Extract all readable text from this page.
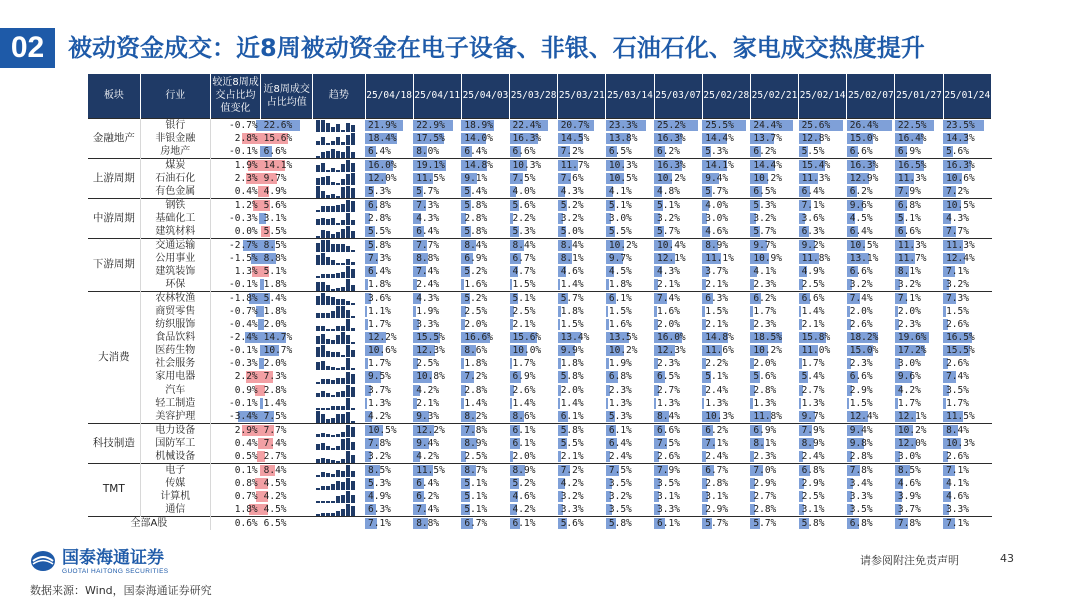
02 被动资金成交：近8周被动资金在电子设备、非银、石油石化、家电成交热度提升
板块	行业	较近8周成交占比均值变化	近8周成交占比均值	趋势	25/04/18	25/04/11	25/04/03	25/03/28	25/03/21	25/03/14	25/03/07	25/02/28	25/02/21	25/02/14	25/02/07	25/01/27	25/01/24
金融地产	银行	-0.7%	22.6%		21.9%	22.9%	18.9%	22.4%	20.7%	23.3%	25.2%	25.5%	24.4%	25.6%	26.4%	22.5%	23.5%

	非银金融	2.8%	15.6%		18.4%	17.5%	14.0%	16.3%	14.5%	13.8%	16.3%	14.4%	13.7%	12.8%	15.0%	16.4%	14.3%

	房地产	-0.1%	6.6%		6.4%	8.0%	6.4%	6.6%	7.2%	6.5%	6.2%	5.3%	6.2%	5.5%	6.6%	6.9%	5.6%

上游周期	煤炭	1.9%	14.1%		16.0%	19.1%	14.8%	10.3%	11.7%	10.3%	16.3%	14.1%	14.4%	15.4%	16.3%	16.5%	16.3%

	石油石化	2.3%	9.7%		12.0%	11.5%	9.1%	7.5%	7.6%	10.5%	10.2%	9.4%	10.2%	11.3%	12.9%	11.3%	10.6%

	有色金属	0.4%	4.9%		5.3%	5.7%	5.4%	4.0%	4.3%	4.1%	4.8%	5.7%	6.5%	6.4%	6.2%	7.9%	7.2%

中游周期	钢铁	1.2%	5.6%		6.8%	7.3%	5.8%	5.6%	5.2%	5.1%	5.1%	4.0%	5.3%	7.1%	9.6%	6.8%	10.5%

	基础化工	-0.3%	3.1%		2.8%	4.3%	2.8%	2.2%	3.2%	3.0%	3.2%	3.0%	3.2%	3.6%	4.5%	5.1%	4.3%

	建筑材料	0.0%	5.5%		5.5%	6.4%	5.8%	5.3%	5.0%	5.5%	5.7%	4.6%	5.7%	6.3%	6.4%	6.6%	7.7%

下游周期	交通运输	-2.7%	8.5%		5.8%	7.7%	8.4%	8.4%	8.4%	10.2%	10.4%	8.9%	9.7%	9.2%	10.5%	11.3%	11.3%

	公用事业	-1.5%	8.8%		7.3%	8.8%	6.9%	6.7%	8.1%	9.7%	12.1%	11.1%	10.9%	11.8%	13.1%	11.7%	12.4%

	建筑装饰	1.3%	5.1%		6.4%	7.4%	5.2%	4.7%	4.6%	4.5%	4.3%	3.7%	4.1%	4.9%	6.6%	8.1%	7.1%

	环保	-0.1%	1.8%		1.8%	2.4%	1.6%	1.5%	1.4%	1.8%	2.1%	2.1%	2.3%	2.5%	3.2%	3.2%	3.2%

大消费	农林牧渔	-1.8%	5.4%		3.6%	4.3%	5.2%	5.1%	5.7%	6.1%	7.4%	6.3%	6.2%	6.6%	7.4%	7.1%	7.3%

	商贸零售	-0.7%	1.8%		1.1%	1.9%	2.5%	2.5%	1.8%	1.5%	1.6%	1.5%	1.7%	1.4%	2.0%	2.0%	1.5%

	纺织服饰	-0.4%	2.0%		1.7%	3.3%	2.0%	2.1%	1.5%	1.6%	2.0%	2.1%	2.3%	2.1%	2.6%	2.3%	2.6%

	食品饮料	-2.4%	14.7%		12.2%	15.5%	16.6%	15.6%	13.4%	13.5%	16.0%	14.8%	18.5%	15.8%	18.2%	19.6%	16.5%

	医药生物	-0.1%	10.7%		10.6%	12.3%	8.6%	10.0%	9.9%	10.2%	12.3%	11.6%	10.2%	11.0%	15.0%	17.2%	15.5%

	社会服务	-0.3%	2.0%		1.7%	2.5%	1.8%	1.7%	1.8%	1.9%	2.3%	2.2%	2.0%	1.7%	2.3%	3.0%	2.6%

	家用电器	2.2%	7.3%		9.5%	10.8%	7.2%	6.9%	5.8%	6.8%	6.5%	5.1%	5.6%	5.4%	6.6%	9.6%	7.4%

	汽车	0.9%	2.8%		3.7%	4.2%	2.8%	2.6%	2.0%	2.3%	2.7%	2.4%	2.8%	2.7%	2.9%	4.2%	3.5%

	轻工制造	-0.1%	1.4%		1.3%	2.1%	1.4%	1.4%	1.4%	1.3%	1.3%	1.3%	1.3%	1.3%	1.5%	1.7%	1.7%

	美容护理	-3.4%	7.5%		4.2%	9.3%	8.2%	8.6%	6.1%	5.3%	8.4%	10.3%	11.8%	9.7%	12.4%	12.1%	11.5%

科技制造	电力设备	2.9%	7.7%		10.5%	12.2%	7.8%	6.1%	5.8%	6.1%	6.6%	6.2%	6.9%	7.9%	9.4%	10.2%	8.4%

	国防军工	0.4%	7.4%		7.8%	9.4%	8.9%	6.1%	5.5%	6.4%	7.5%	7.1%	8.1%	8.9%	9.8%	12.0%	10.3%

	机械设备	0.5%	2.7%		3.2%	4.2%	2.5%	2.0%	2.1%	2.4%	2.6%	2.4%	2.3%	2.4%	2.8%	3.0%	2.6%

TMT	电子	0.1%	8.4%		8.5%	11.5%	8.7%	8.9%	7.2%	7.5%	7.9%	6.7%	7.0%	6.8%	7.8%	8.5%	7.1%

	传媒	0.8%	4.5%		5.3%	6.4%	5.1%	5.2%	4.2%	3.5%	3.5%	2.8%	2.9%	2.9%	3.4%	4.6%	4.1%

	计算机	0.7%	4.2%		4.9%	6.2%	5.1%	4.6%	3.2%	3.2%	3.1%	3.1%	2.7%	2.5%	3.3%	3.9%	4.6%

	通信	1.8%	4.5%		6.3%	7.4%	5.1%	4.2%	3.3%	3.5%	3.3%	2.9%	2.8%	3.1%	3.5%	3.7%	3.3%

全部A股		0.6%	6.5%		7.1%	8.8%	6.7%	6.1%	5.6%	5.8%	6.1%	5.7%	5.7%	5.8%	6.8%	7.8%	7.1%
国泰海通证券
GUOTAI HAITONG SECURITIES
请参阅附注免责声明	43
数据来源：Wind，国泰海通证券研究
